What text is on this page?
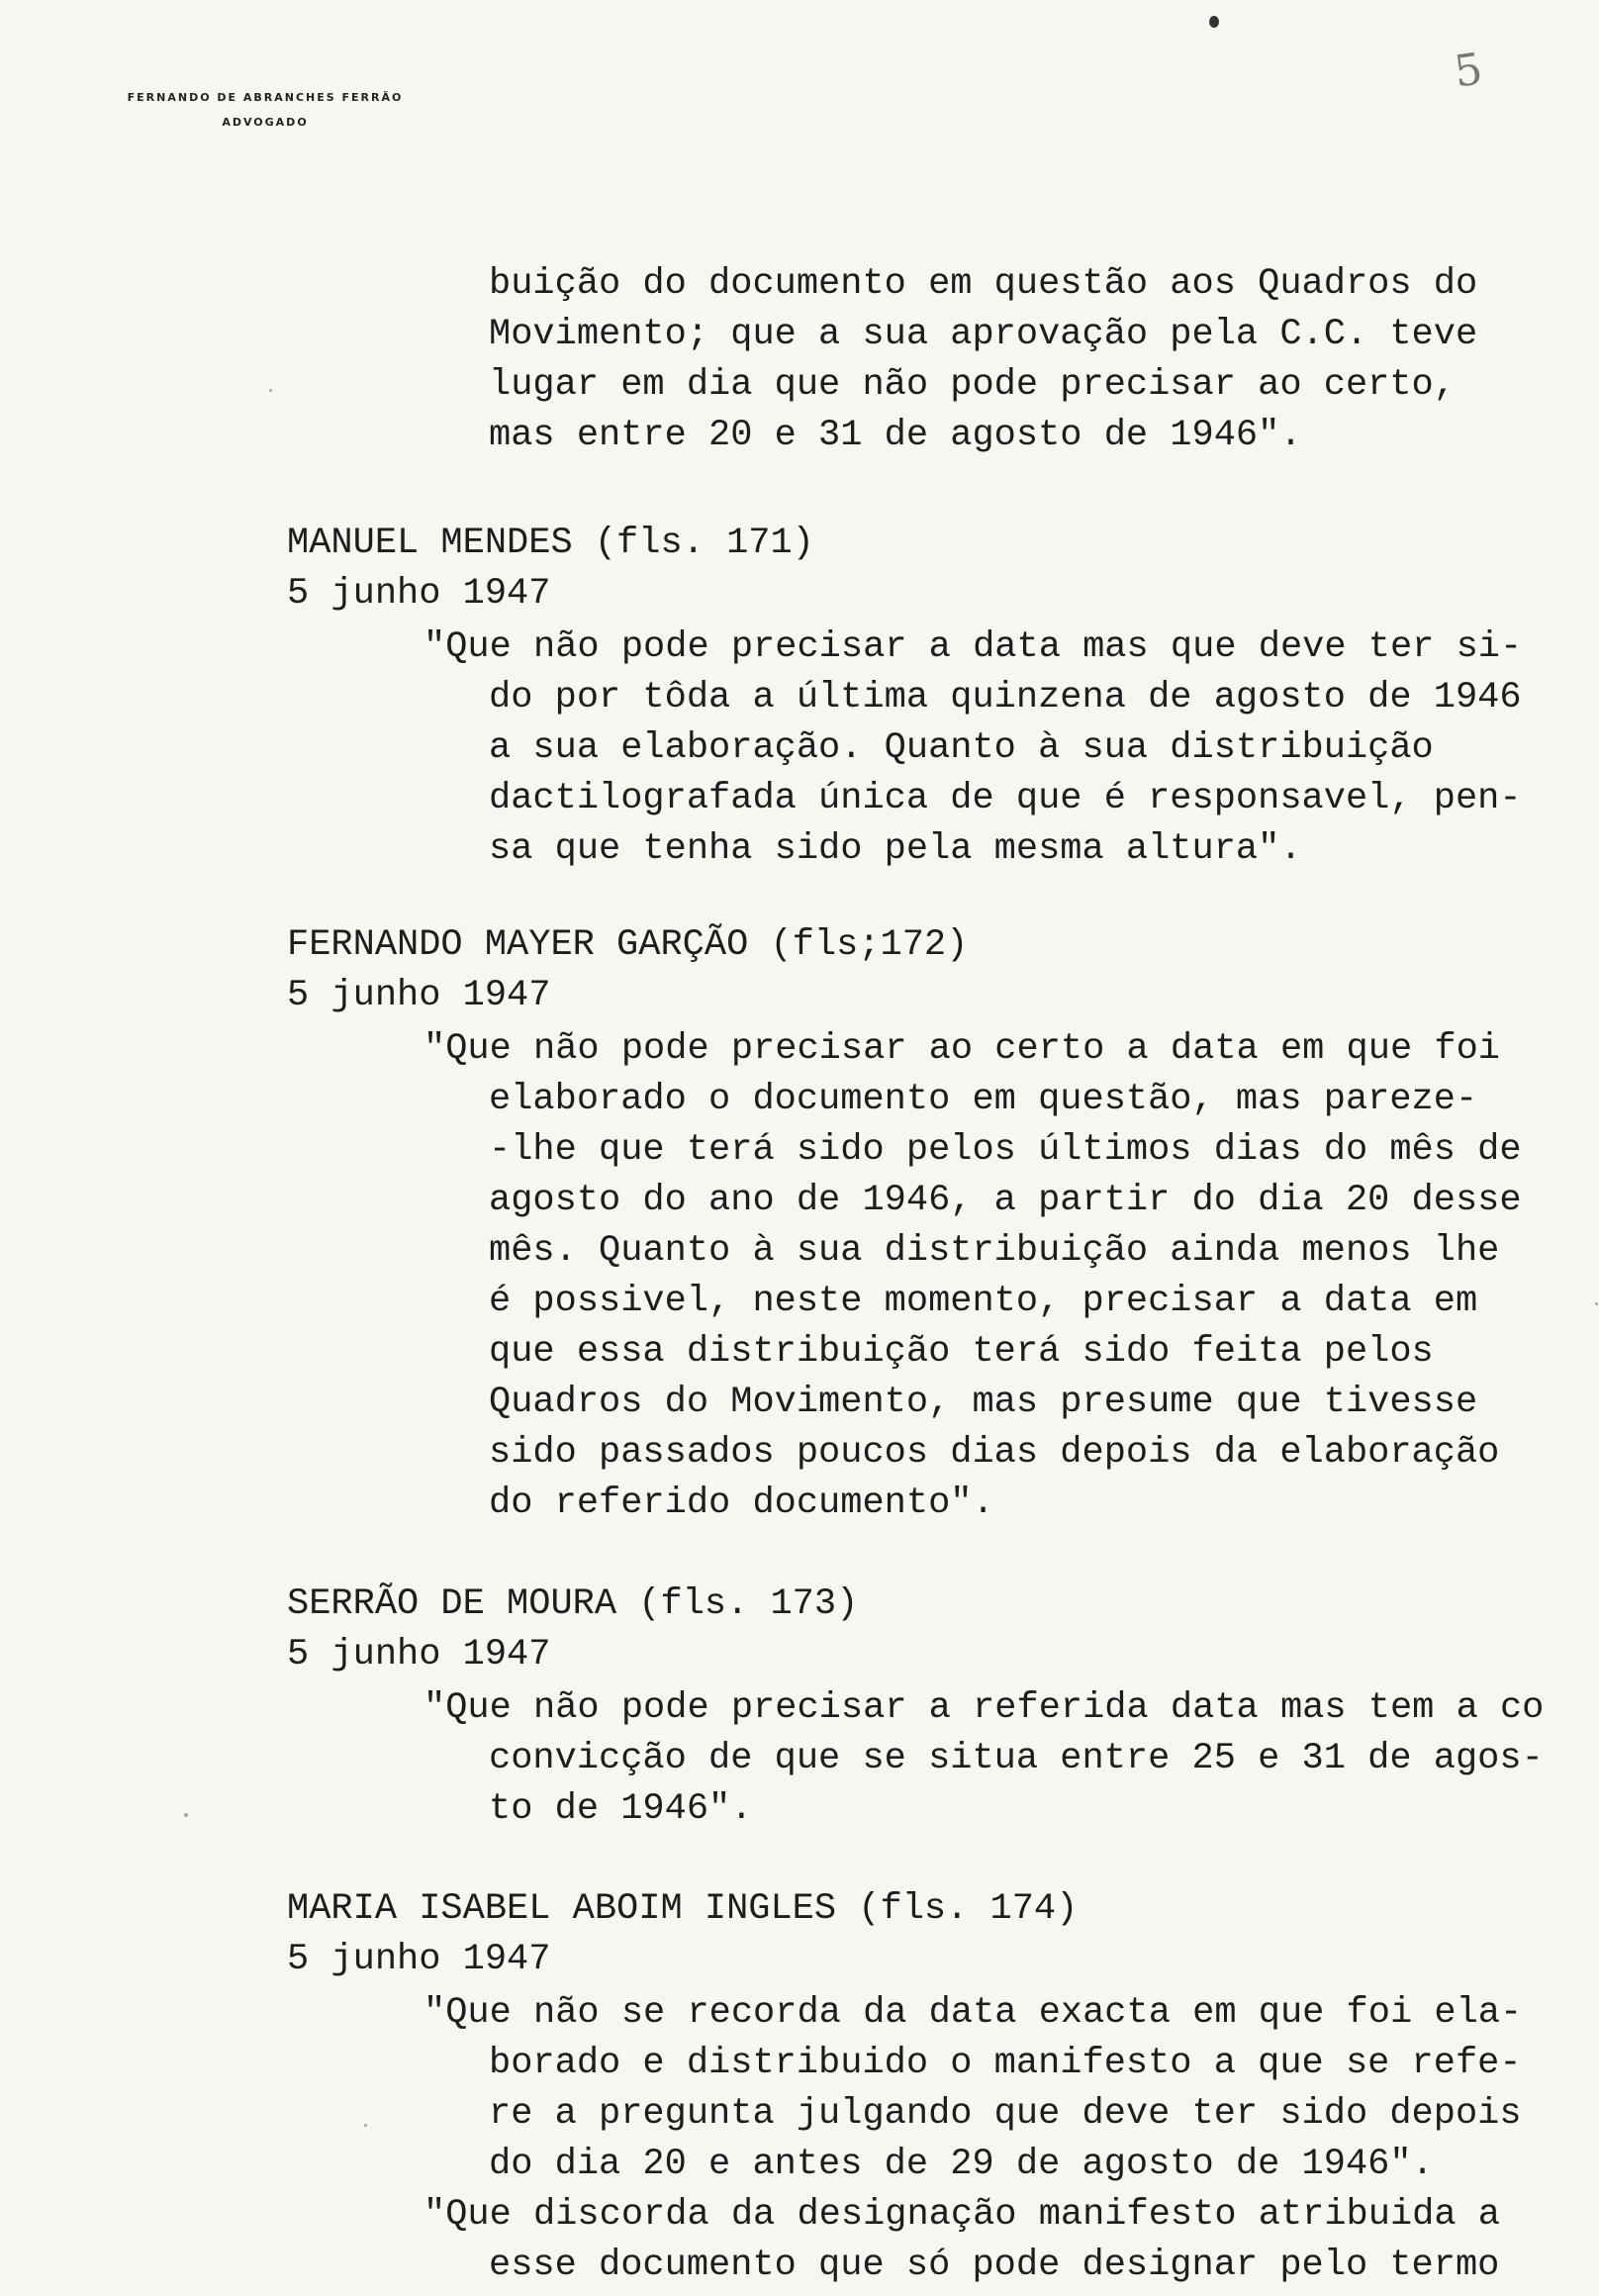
FERNANDO DE ABRANCHES FERRÃO
ADVOGADO
5
buição do documento em questão aos Quadros do
Movimento; que a sua aprovação pela C.C. teve
lugar em dia que não pode precisar ao certo,
mas entre 20 e 31 de agosto de 1946".
MANUEL MENDES (fls. 171)
5 junho 1947
"Que não pode precisar a data mas que deve ter si-
do por tôda a última quinzena de agosto de 1946
a sua elaboração. Quanto à sua distribuição
dactilografada única de que é responsavel, pen-
sa que tenha sido pela mesma altura".
FERNANDO MAYER GARÇÃO (fls;172)
5 junho 1947
"Que não pode precisar ao certo a data em que foi
elaborado o documento em questão, mas pareze-
-lhe que terá sido pelos últimos dias do mês de
agosto do ano de 1946, a partir do dia 20 desse
mês. Quanto à sua distribuição ainda menos lhe
é possivel, neste momento, precisar a data em
que essa distribuição terá sido feita pelos
Quadros do Movimento, mas presume que tivesse
sido passados poucos dias depois da elaboração
do referido documento".
SERRÃO DE MOURA (fls. 173)
5 junho 1947
"Que não pode precisar a referida data mas tem a co
convicção de que se situa entre 25 e 31 de agos-
to de 1946".
MARIA ISABEL ABOIM INGLES (fls. 174)
5 junho 1947
"Que não se recorda da data exacta em que foi ela-
borado e distribuido o manifesto a que se refe-
re a pregunta julgando que deve ter sido depois
do dia 20 e antes de 29 de agosto de 1946".
"Que discorda da designação manifesto atribuida a
esse documento que só pode designar pelo termo
